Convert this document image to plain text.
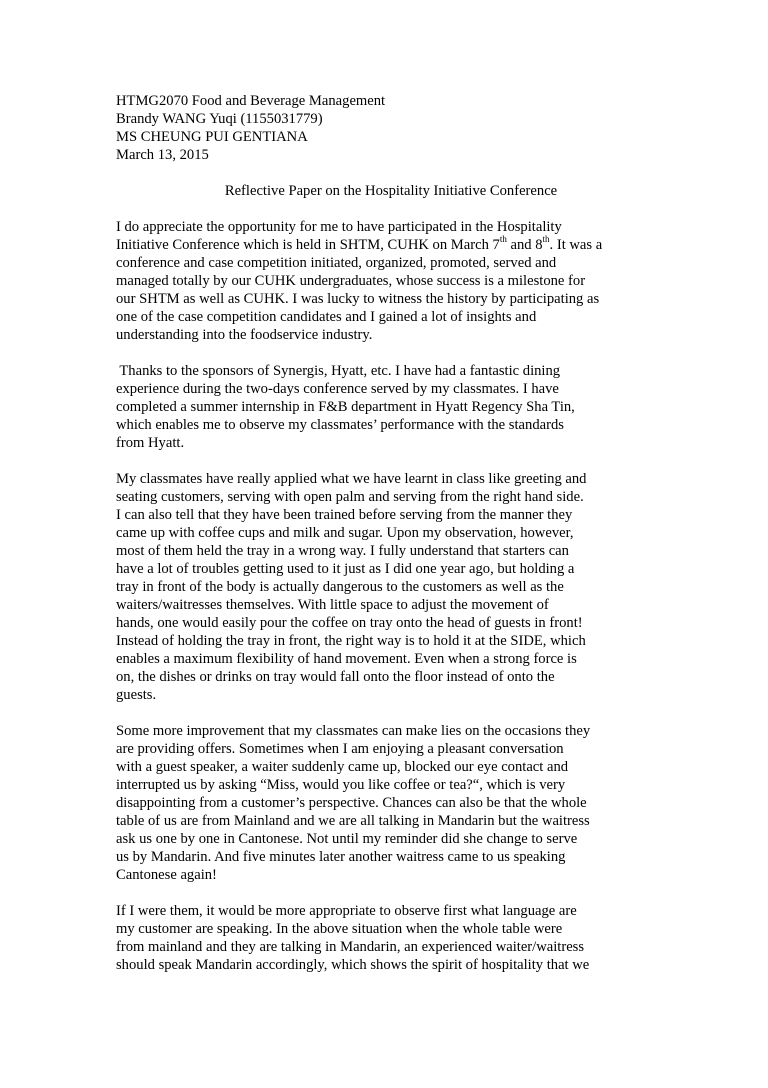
HTMG2070 Food and Beverage Management

Brandy WANG Yuqi (1155031779)

MS CHEUNG PUI GENTIANA

March 13, 2015

Reflective Paper on the Hospitality Initiative Conference

I do appreciate the opportunity for me to have participated in the Hospitality
Initiative Conference which is held in SHTM, CUHK on March 7th and 8th. It was a
conference and case competition initiated, organized, promoted, served and
managed totally by our CUHK undergraduates, whose success is a milestone for
our SHTM as well as CUHK. I was lucky to witness the history by participating as
one of the case competition candidates and I gained a lot of insights and
understanding into the foodservice industry.
Thanks to the sponsors of Synergis, Hyatt, etc. I have had a fantastic dining
experience during the two-days conference served by my classmates. I have
completed a summer internship in F&B department in Hyatt Regency Sha Tin,
which enables me to observe my classmates’ performance with the standards
from Hyatt.
My classmates have really applied what we have learnt in class like greeting and
seating customers, serving with open palm and serving from the right hand side.
I can also tell that they have been trained before serving from the manner they
came up with coffee cups and milk and sugar. Upon my observation, however,
most of them held the tray in a wrong way. I fully understand that starters can
have a lot of troubles getting used to it just as I did one year ago, but holding a
tray in front of the body is actually dangerous to the customers as well as the
waiters/waitresses themselves. With little space to adjust the movement of
hands, one would easily pour the coffee on tray onto the head of guests in front!
Instead of holding the tray in front, the right way is to hold it at the SIDE, which
enables a maximum flexibility of hand movement. Even when a strong force is
on, the dishes or drinks on tray would fall onto the floor instead of onto the
guests.
Some more improvement that my classmates can make lies on the occasions they
are providing offers. Sometimes when I am enjoying a pleasant conversation
with a guest speaker, a waiter suddenly came up, blocked our eye contact and
interrupted us by asking “Miss, would you like coffee or tea?“, which is very
disappointing from a customer’s perspective. Chances can also be that the whole
table of us are from Mainland and we are all talking in Mandarin but the waitress
ask us one by one in Cantonese. Not until my reminder did she change to serve
us by Mandarin. And five minutes later another waitress came to us speaking
Cantonese again!
If I were them, it would be more appropriate to observe first what language are
my customer are speaking. In the above situation when the whole table were
from mainland and they are talking in Mandarin, an experienced waiter/waitress
should speak Mandarin accordingly, which shows the spirit of hospitality that we
